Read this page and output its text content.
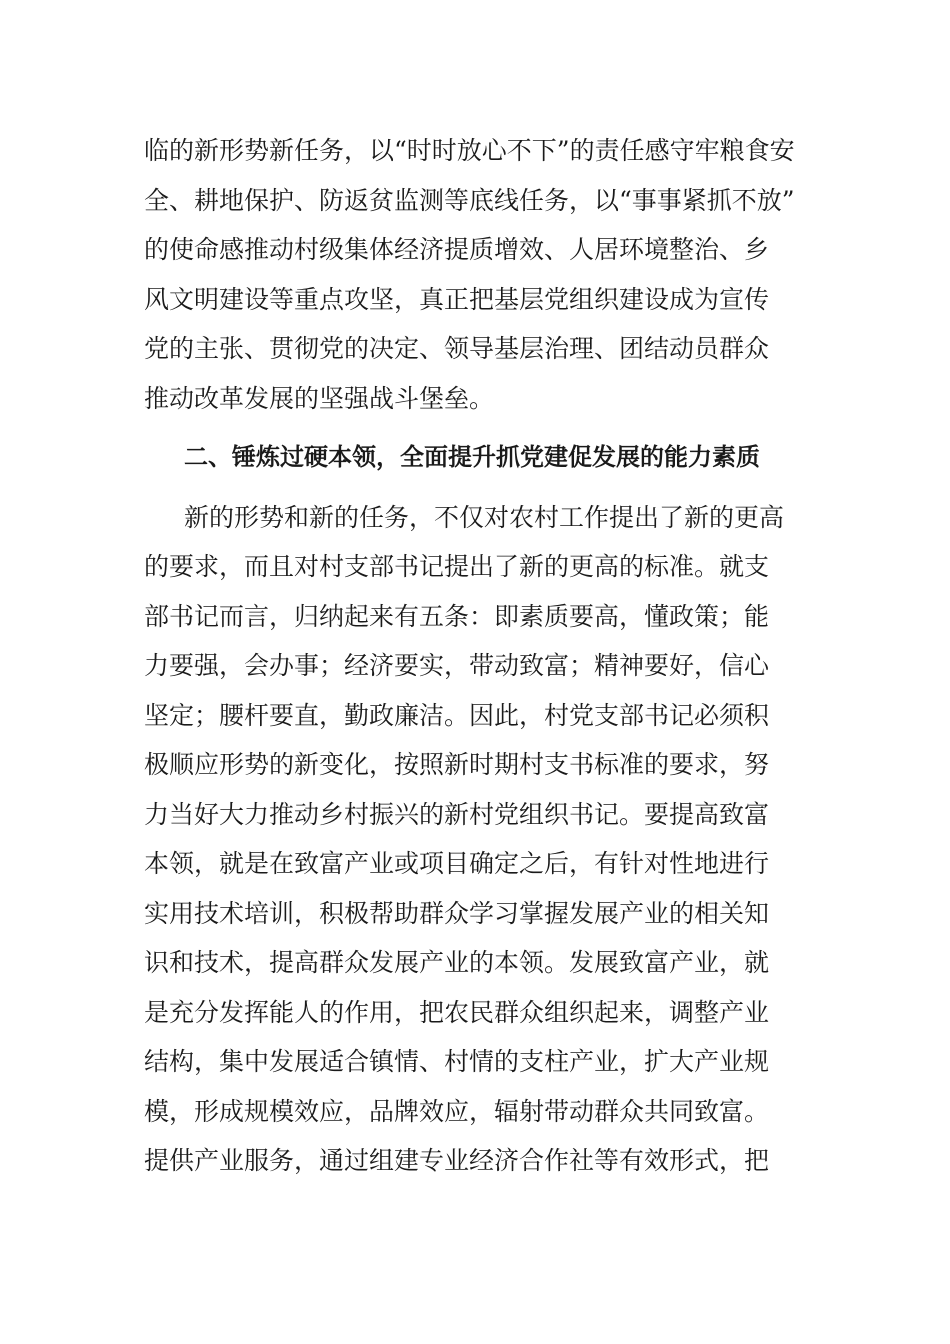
临的新形势新任务，以“时时放心不下”的责任感守牢粮食安
全、耕地保护、防返贫监测等底线任务，以“事事紧抓不放”
的使命感推动村级集体经济提质增效、人居环境整治、乡
风文明建设等重点攻坚，真正把基层党组织建设成为宣传
党的主张、贯彻党的决定、领导基层治理、团结动员群众
推动改革发展的坚强战斗堡垒。
二、锤炼过硬本领，全面提升抓党建促发展的能力素质
新的形势和新的任务，不仅对农村工作提出了新的更高
的要求，而且对村支部书记提出了新的更高的标准。就支
部书记而言，归纳起来有五条：即素质要高，懂政策；能
力要强，会办事；经济要实，带动致富；精神要好，信心
坚定；腰杆要直，勤政廉洁。因此，村党支部书记必须积
极顺应形势的新变化，按照新时期村支书标准的要求，努
力当好大力推动乡村振兴的新村党组织书记。要提高致富
本领，就是在致富产业或项目确定之后，有针对性地进行
实用技术培训，积极帮助群众学习掌握发展产业的相关知
识和技术，提高群众发展产业的本领。发展致富产业，就
是充分发挥能人的作用，把农民群众组织起来，调整产业
结构，集中发展适合镇情、村情的支柱产业，扩大产业规
模，形成规模效应，品牌效应，辐射带动群众共同致富。
提供产业服务，通过组建专业经济合作社等有效形式，把
